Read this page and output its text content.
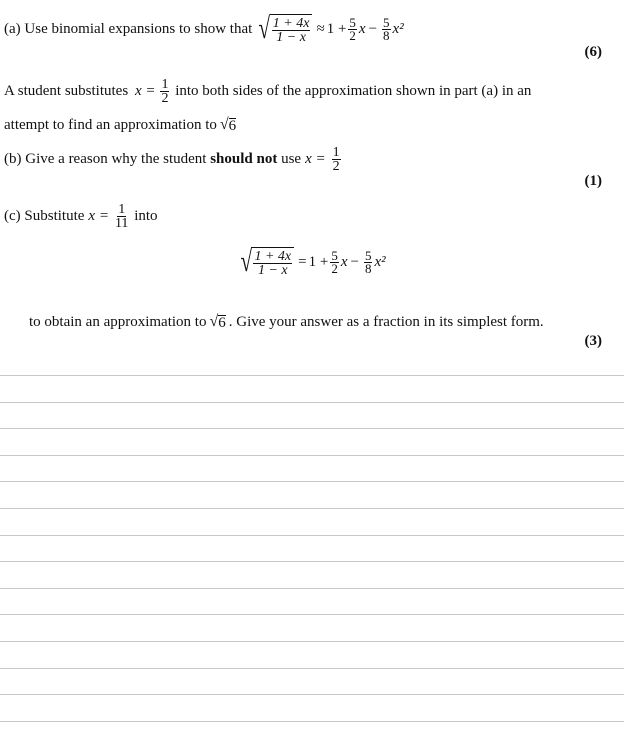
(a)
Use binomial expansions to show that √ $\frac{1 + 4x}{1 - x} \approx 1 + \frac{5}{2}$ $x - \frac{5}{8} x^2$
(6)
A student substitutes
$x = \frac{1}{2}$
into both sides of the approximation shown in part (a) in an
attempt to find an approximation to √ 6
(b)
Give a reason why the student
should not
use $x = \frac{1}{2}$
(1)
(c)
Substitute $x = \frac{1}{11}$
into
√ $\frac{1 + 4x}{1 - x} = 1 + \frac{5}{2}$ $x - \frac{5}{8} x^2$
to obtain an approximation to √ 6 . Give your answer as a fraction in its simplest form.
(3)
